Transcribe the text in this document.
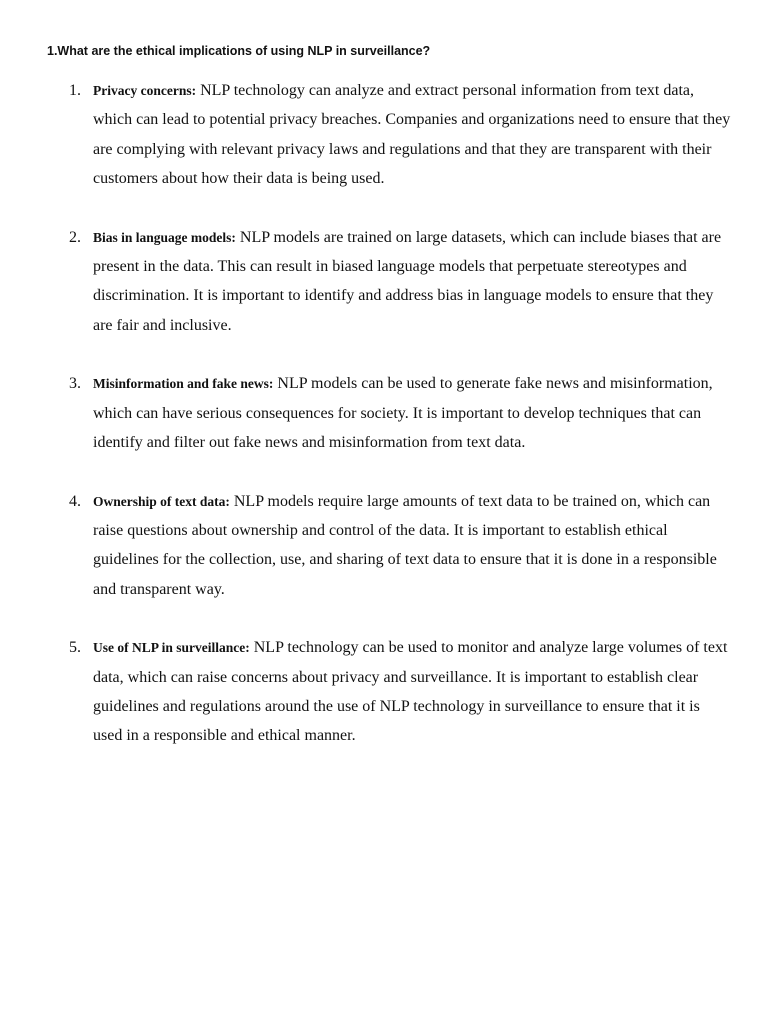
1.What are the ethical implications of using NLP in surveillance?
1. Privacy concerns: NLP technology can analyze and extract personal information from text data, which can lead to potential privacy breaches. Companies and organizations need to ensure that they are complying with relevant privacy laws and regulations and that they are transparent with their customers about how their data is being used.
2. Bias in language models: NLP models are trained on large datasets, which can include biases that are present in the data. This can result in biased language models that perpetuate stereotypes and discrimination. It is important to identify and address bias in language models to ensure that they are fair and inclusive.
3. Misinformation and fake news: NLP models can be used to generate fake news and misinformation, which can have serious consequences for society. It is important to develop techniques that can identify and filter out fake news and misinformation from text data.
4. Ownership of text data: NLP models require large amounts of text data to be trained on, which can raise questions about ownership and control of the data. It is important to establish ethical guidelines for the collection, use, and sharing of text data to ensure that it is done in a responsible and transparent way.
5. Use of NLP in surveillance: NLP technology can be used to monitor and analyze large volumes of text data, which can raise concerns about privacy and surveillance. It is important to establish clear guidelines and regulations around the use of NLP technology in surveillance to ensure that it is used in a responsible and ethical manner.
